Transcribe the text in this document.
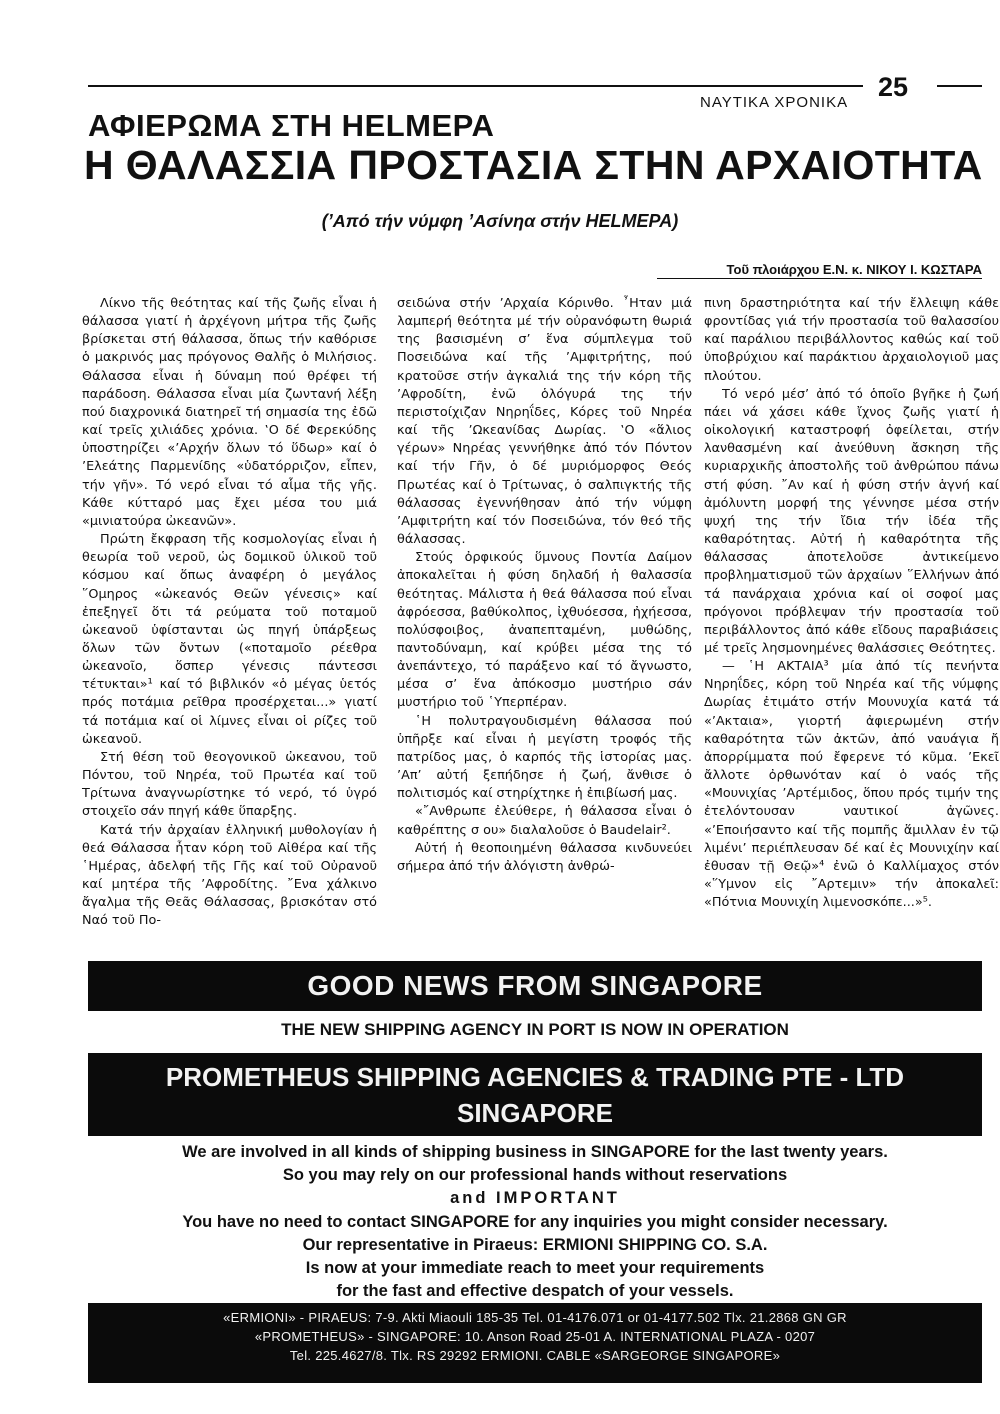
ΝΑΥΤΙΚΑ ΧΡΟΝΙΚΑ
25
ΑΦΙΕΡΩΜΑ ΣΤΗ HELMEPA
Η ΘΑΛΑΣΣΙΑ ΠΡΟΣΤΑΣΙΑ ΣΤΗΝ ΑΡΧΑΙΟΤΗΤΑ
(’Από τήν νύμφη ’Ασίνηα στήν HELMEPA)
Τοῦ πλοιάρχου Ε.Ν. κ. ΝΙΚΟΥ Ι. ΚΩΣΤΑΡΑ

Λίκνο τῆς θεότητας καί τῆς ζωῆς εἶναι ἡ θάλασσα γιατί ἡ ἀρχέγονη μήτρα τῆς ζωῆς βρίσκεται στή θάλασσα, ὅπως τήν καθόρισε ὁ μακρινός μας πρόγονος Θαλῆς ὁ Μιλήσιος. Θάλασσα εἶναι ἡ δύναμη πού θρέφει τή παράδοση. Θάλασσα εἶναι μία ζωντανή λέξη πού διαχρονικά διατηρεῖ τή σημασία της ἐδῶ καί τρεῖς χιλιάδες χρόνια. ‛Ο δέ Φερεκύδης ὑποστηρίζει «’Αρχήν ὅλων τό ὕδωρ» καί ὁ ’Ελεάτης Παρμενίδης «ὑδατόρριζον, εἶπεν, τήν γῆν». Τό νερό εἶναι τό αἷμα τῆς γῆς. Κάθε κύτταρό μας ἔχει μέσα του μιά «μινιατούρα ὠκεανῶν».

Πρώτη ἔκφραση τῆς κοσμολογίας εἶναι ἡ θεωρία τοῦ νεροῦ, ὡς δομικοῦ ὑλικοῦ τοῦ κόσμου καί ὅπως ἀναφέρη ὁ μεγάλος ῞Ομηρος «ὠκεανός Θεῶν γένεσις» καί ἐπεξηγεῖ ὅτι τά ρεύματα τοῦ ποταμοῦ ὠκεανοῦ ὑφίστανται ὡς πηγή ὑπάρξεως ὅλων τῶν ὄντων («ποταμοῖο ρέεθρα ὠκεανοῖο, ὅσπερ γένεσις πάντεσσι τέτυκται»¹ καί τό βιβλικόν «ὁ μέγας ὑετός πρός ποτάμια ρεῖθρα προσέρχεται...» γιατί τά ποτάμια καί οἱ λίμνες εἶναι οἱ ρίζες τοῦ ὠκεανοῦ.

Στή θέση τοῦ θεογονικοῦ ὠκεανου, τοῦ Πόντου, τοῦ Νηρέα, τοῦ Πρωτέα καί τοῦ Τρίτωνα ἀναγνωρίστηκε τό νερό, τό ὑγρό στοιχεῖο σάν πηγή κάθε ὕπαρξης.

Κατά τήν ἀρχαίαν ἑλληνική μυθολογίαν ἡ θεά Θάλασσα ἦταν κόρη τοῦ Αἰθέρα καί τῆς ῾Ημέρας, ἀδελφή τῆς Γῆς καί τοῦ Οὐρανοῦ καί μητέρα τῆς ’Αφροδίτης. ῎Ενα χάλκινο ἄγαλμα τῆς Θεᾶς Θάλασσας, βρισκόταν στό Ναό τοῦ Πο-

σειδώνα στήν ’Αρχαία Κόρινθο. ῏Ηταν μιά λαμπερή θεότητα μέ τήν οὐρανόφωτη θωριά της βασισμένη σ’ ἕνα σύμπλεγμα τοῦ Ποσειδώνα καί τῆς ’Αμφιτρήτης, πού κρατοῦσε στήν ἀγκαλιά της τήν κόρη τῆς ’Αφροδίτη, ἐνῶ ὁλόγυρά της τήν περιστοίχιζαν Νηρηΐδες, Κόρες τοῦ Νηρέα καί τῆς ’Ωκεανίδας Δωρίας. ‛Ο «ἅλιος γέρων» Νηρέας γεννήθηκε ἀπό τόν Πόντον καί τήν Γῆν, ὁ δέ μυριόμορφος Θεός Πρωτέας καί ὁ Τρίτωνας, ὁ σαλπιγκτής τῆς θάλασσας ἐγεννήθησαν ἀπό τήν νύμφη ’Αμφιτρήτη καί τόν Ποσειδώνα, τόν θεό τῆς θάλασσας.

Στούς ὀρφικούς ὕμνους Ποντία Δαίμον ἀποκαλεῖται ἡ φύση δηλαδή ἡ θαλασσία θεότητας. Μάλιστα ἡ θεά θάλασσα πού εἶναι ἀφρόεσσα, βαθύκολπος, ἰχθυόεσσα, ἠχήεσσα, πολύσφοιβος, ἀναπεπταμένη, μυθώδης, παντοδύναμη, καί κρύβει μέσα της τό ἀνεπάντεχο, τό παράξενο καί τό ἄγνωστο, μέσα σ’ ἕνα ἀπόκοσμο μυστήριο σάν μυστήριο τοῦ ῾Υπερπέραν.

῾Η πολυτραγουδισμένη θάλασσα πού ὑπῆρξε καί εἶναι ἡ μεγίστη τροφός τῆς πατρίδος μας, ὁ καρπός τῆς ἱστορίας μας. ’Απ’ αὐτή ξεπήδησε ἡ ζωή, ἄνθισε ὁ πολιτισμός καί στηρίχτηκε ἡ ἐπιβίωσή μας.

«῎Ανθρωπε ἐλεύθερε, ἡ θάλασσα εἶναι ὁ καθρέπτης σ ου» διαλαλοῦσε ὁ Baudelair².

Αὐτή ἡ θεοποιημένη θάλασσα κινδυνεύει σήμερα ἀπό τήν ἀλόγιστη ἀνθρώ-

πινη δραστηριότητα καί τήν ἔλλειψη κάθε φροντίδας γιά τήν προστασία τοῦ θαλασσίου καί παράλιου περιβάλλοντος καθώς καί τοῦ ὑποβρύχιου καί παράκτιου ἀρχαιολογιοῦ μας πλούτου.

Τό νερό μέσ’ ἀπό τό ὁποῖο βγῆκε ἡ ζωή πάει νά χάσει κάθε ἴχνος ζωῆς γιατί ἡ οἰκολογική καταστροφή ὀφείλεται, στήν λανθασμένη καί ἀνεύθυνη ἄσκηση τῆς κυριαρχικῆς ἀποστολῆς τοῦ ἀνθρώπου πάνω στή φύση. ῎Αν καί ἡ φύση στήν ἁγνή καί ἀμόλυντη μορφή της γέννησε μέσα στήν ψυχή της τήν ἴδια τήν ἰδέα τῆς καθαρότητας. Αὐτή ἡ καθαρότητα τῆς θάλασσας ἀποτελοῦσε ἀντικείμενο προβληματισμοῦ τῶν ἀρχαίων ῞Ελλήνων ἀπό τά πανάρχαια χρόνια καί οἱ σοφοί μας πρόγονοι πρόβλεψαν τήν προστασία τοῦ περιβάλλοντος ἀπό κάθε εἴδους παραβιάσεις μέ τρεῖς λησμονημένες θαλάσσιες Θεότητες.

— ῾Η ΑΚΤΑΙΑ³ μία ἀπό τίς πενήντα Νηρηΐδες, κόρη τοῦ Νηρέα καί τῆς νύμφης Δωρίας ἐτιμάτο στήν Μουνυχία κατά τά «’Ακταια», γιορτή ἀφιερωμένη στήν καθαρότητα τῶν ἀκτῶν, ἀπό ναυάγια ἤ ἀπορρίμματα πού ἔφερενε τό κῦμα. ’Εκεῖ ἄλλοτε ὀρθωνόταν καί ὁ ναός τῆς «Μουνιχίας ’Αρτέμιδος, ὅπου πρός τιμήν της ἐτελόντουσαν ναυτικοί ἀγῶνες. «’Εποιήσαντο καί τῆς πομπῆς ἅμιλλαν ἐν τῷ λιμένι’ περιέπλευσαν δέ καί ἐς Μουνιχίην καί ἐθυσαν τῇ Θεῷ»⁴ ἐνῶ ὁ Καλλίμαχος στόν «῞Υμνον εἰς ῎Αρτεμιν» τήν ἀποκαλεῖ: «Πότνια Μουνιχίη λιμενοσκόπε...»⁵.

GOOD NEWS FROM SINGAPORE
THE NEW SHIPPING AGENCY IN PORT IS NOW IN OPERATION
PROMETHEUS SHIPPING AGENCIES & TRADING PTE - LTD
SINGAPORE
We are involved in all kinds of shipping business in SINGAPORE for the last twenty years.
So you may rely on our professional hands without reservations
and IMPORTANT
You have no need to contact SINGAPORE for any inquiries you might consider necessary.
Our representative in Piraeus: ERMIONI SHIPPING CO. S.A.
Is now at your immediate reach to meet your requirements
for the fast and effective despatch of your vessels.
«ERMIONI» - PIRAEUS: 7-9. Akti Miaouli 185-35 Tel. 01-4176.071 or 01-4177.502 Tlx. 21.2868 GN GR
«PROMETHEUS» - SINGAPORE: 10. Anson Road 25-01 A. INTERNATIONAL PLAZA - 0207
Tel. 225.4627/8. Tlx. RS 29292 ERMIONI. CABLE «SARGEORGE SINGAPORE»
